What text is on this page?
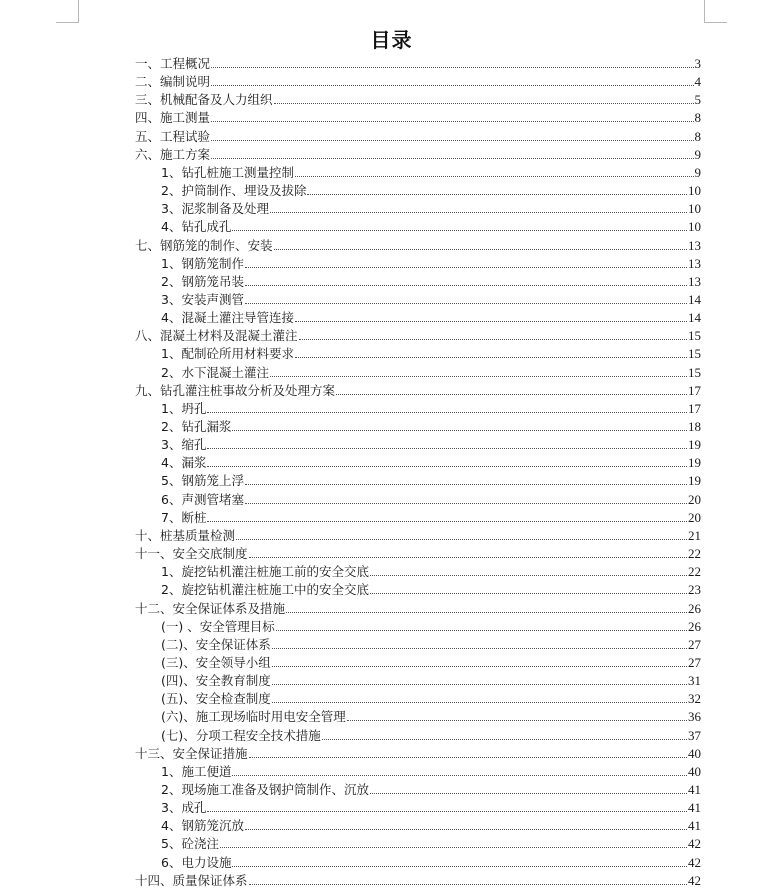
目录
一、工程概况	3
二、编制说明	4
三、机械配备及人力组织	5
四、施工测量	8
五、工程试验	8
六、施工方案	9
1、钻孔桩施工测量控制	9
2、护筒制作、埋设及拔除	10
3、泥浆制备及处理	10
4、钻孔成孔	10
七、钢筋笼的制作、安装	13
1、钢筋笼制作	13
2、钢筋笼吊装	13
3、安装声测管	14
4、混凝土灌注导管连接	14
八、混凝土材料及混凝土灌注	15
1、配制砼所用材料要求	15
2、水下混凝土灌注	15
九、钻孔灌注桩事故分析及处理方案	17
1、坍孔	17
2、钻孔漏浆	18
3、缩孔	19
4、漏浆	19
5、钢筋笼上浮	19
6、声测管堵塞	20
7、断桩	20
十、桩基质量检测	21
十一、安全交底制度	22
1、旋挖钻机灌注桩施工前的安全交底	22
2、旋挖钻机灌注桩施工中的安全交底	23
十二、安全保证体系及措施	26
(一) 、安全管理目标	26
(二)、安全保证体系	27
(三)、安全领导小组	27
(四)、安全教育制度	31
(五)、安全检查制度	32
(六)、施工现场临时用电安全管理	36
(七)、分项工程安全技术措施	37
十三、安全保证措施	40
1、施工便道	40
2、现场施工准备及钢护筒制作、沉放	41
3、成孔	41
4、钢筋笼沉放	41
5、砼浇注	42
6、电力设施	42
十四、质量保证体系	42
